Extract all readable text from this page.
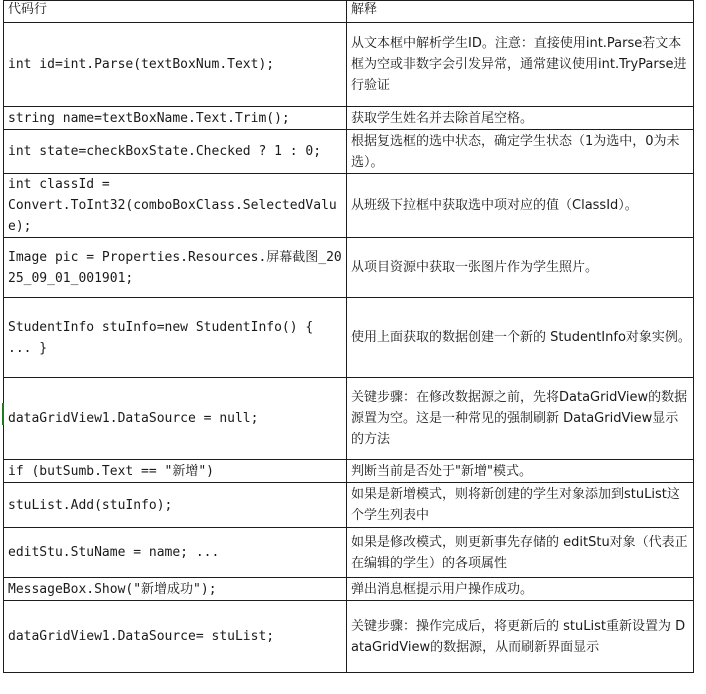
代码行	解释
int id=int.Parse(textBoxNum.Text);	从文本框中解析学生ID。注意：直接使用int.Parse若文本框为空或非数字会引发异常，通常建议使用int.TryParse进行验证
string name=textBoxName.Text.Trim();	获取学生姓名并去除首尾空格。
int state=checkBoxState.Checked ? 1 : 0;	根据复选框的选中状态，确定学生状态（1为选中，0为未选）。
int classId =
Convert.ToInt32(comboBoxClass.SelectedValue);	从班级下拉框中获取选中项对应的值（ClassId）。
Image pic = Properties.Resources.屏幕截图_2025_09_01_001901;	从项目资源中获取一张图片作为学生照片。
StudentInfo stuInfo=new StudentInfo() { ... }	使用上面获取的数据创建一个新的 StudentInfo对象实例。
dataGridView1.DataSource = null;	关键步骤：在修改数据源之前，先将DataGridView的数据源置为空。这是一种常见的强制刷新 DataGridView显示的方法
if (butSumb.Text == "新增")	判断当前是否处于"新增"模式。
stuList.Add(stuInfo);	如果是新增模式，则将新创建的学生对象添加到stuList这个学生列表中
editStu.StuName = name; ...	如果是修改模式，则更新事先存储的 editStu对象（代表正在编辑的学生）的各项属性
MessageBox.Show("新增成功");	弹出消息框提示用户操作成功。
dataGridView1.DataSource= stuList;	关键步骤：操作完成后，将更新后的 stuList重新设置为 DataGridView的数据源，从而刷新界面显示
